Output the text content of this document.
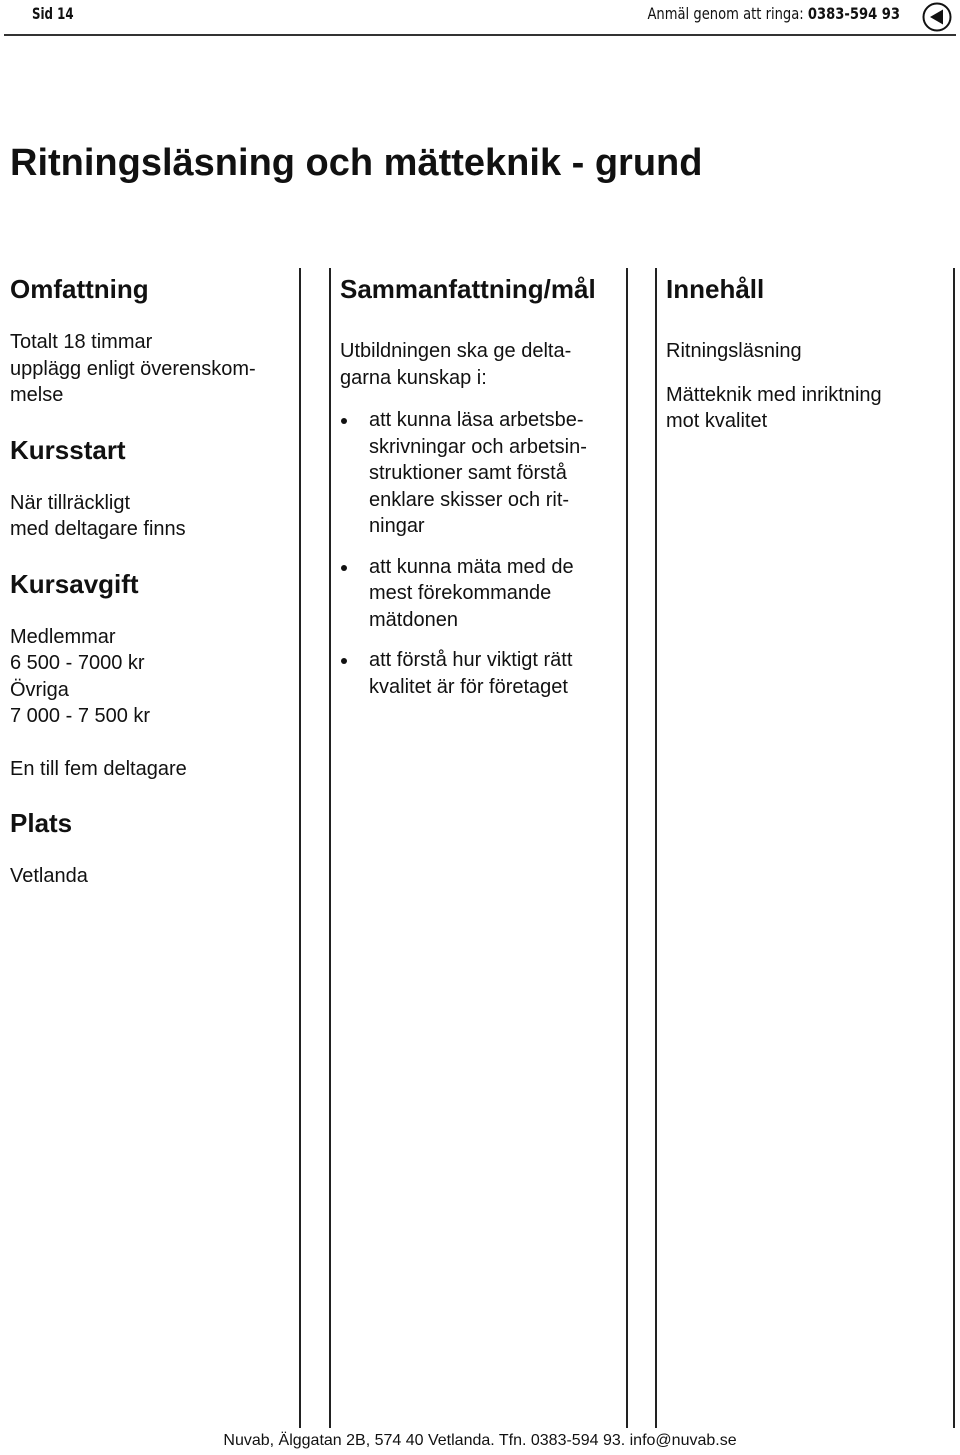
Sid 14	Anmäl genom att ringa: 0383-594 93
Ritningsläsning och mätteknik - grund
Omfattning

Totalt 18 timmar
upplägg enligt överenskom-
melse

Kursstart

När tillräckligt
med deltagare finns

Kursavgift

Medlemmar
6 500 - 7000 kr
Övriga
7 000 - 7 500 kr

En till fem deltagare

Plats

Vetlanda

Sammanfattning/mål

Utbildningen ska ge delta-
garna kunskap i:

att kunna läsa arbetsbe-
skrivningar och arbetsin-
struktioner samt förstå
enklare skisser och rit-
ningar
att kunna mäta med de
mest förekommande
mätdonen
att förstå hur viktigt rätt
kvalitet är för företaget
Innehåll

Ritningsläsning

Mätteknik med inriktning
mot kvalitet

Nuvab, Älggatan 2B, 574 40 Vetlanda. Tfn. 0383-594 93. info@nuvab.se
